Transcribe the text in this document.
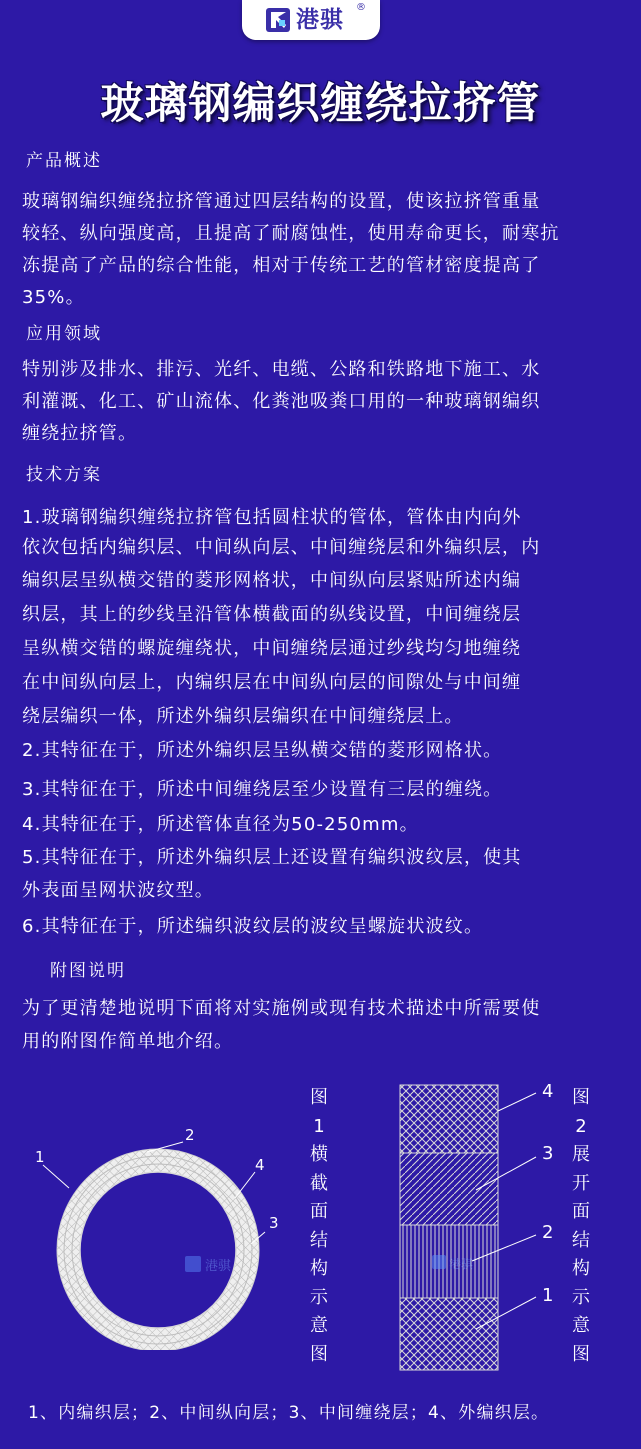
港骐 ®
玻璃钢编织缠绕拉挤管
产品概述
玻璃钢编织缠绕拉挤管通过四层结构的设置，使该拉挤管重量
较轻、纵向强度高，且提高了耐腐蚀性，使用寿命更长，耐寒抗
冻提高了产品的综合性能，相对于传统工艺的管材密度提高了
35%。
应用领域
特别涉及排水、排污、光纤、电缆、公路和铁路地下施工、水
利灌溉、化工、矿山流体、化粪池吸粪口用的一种玻璃钢编织
缠绕拉挤管。
技术方案
1.玻璃钢编织缠绕拉挤管包括圆柱状的管体，管体由内向外
依次包括内编织层、中间纵向层、中间缠绕层和外编织层，内
编织层呈纵横交错的菱形网格状，中间纵向层紧贴所述内编
织层，其上的纱线呈沿管体横截面的纵线设置，中间缠绕层
呈纵横交错的螺旋缠绕状，中间缠绕层通过纱线均匀地缠绕
在中间纵向层上，内编织层在中间纵向层的间隙处与中间缠
绕层编织一体，所述外编织层编织在中间缠绕层上。
2.其特征在于，所述外编织层呈纵横交错的菱形网格状。
3.其特征在于，所述中间缠绕层至少设置有三层的缠绕。
4.其特征在于，所述管体直径为50-250mm。
5.其特征在于，所述外编织层上还设置有编织波纹层，使其
外表面呈网状波纹型。
6.其特征在于，所述编织波纹层的波纹呈螺旋状波纹。
附图说明
为了更清楚地说明下面将对实施例或现有技术描述中所需要使
用的附图作简单地介绍。
港骐
1
2
3
4
图
1
横
截
面
结
构
示
意
图
港骐
4
3
2
1
图
2
展
开
面
结
构
示
意
图
1、内编织层；2、中间纵向层；3、中间缠绕层；4、外编织层。
